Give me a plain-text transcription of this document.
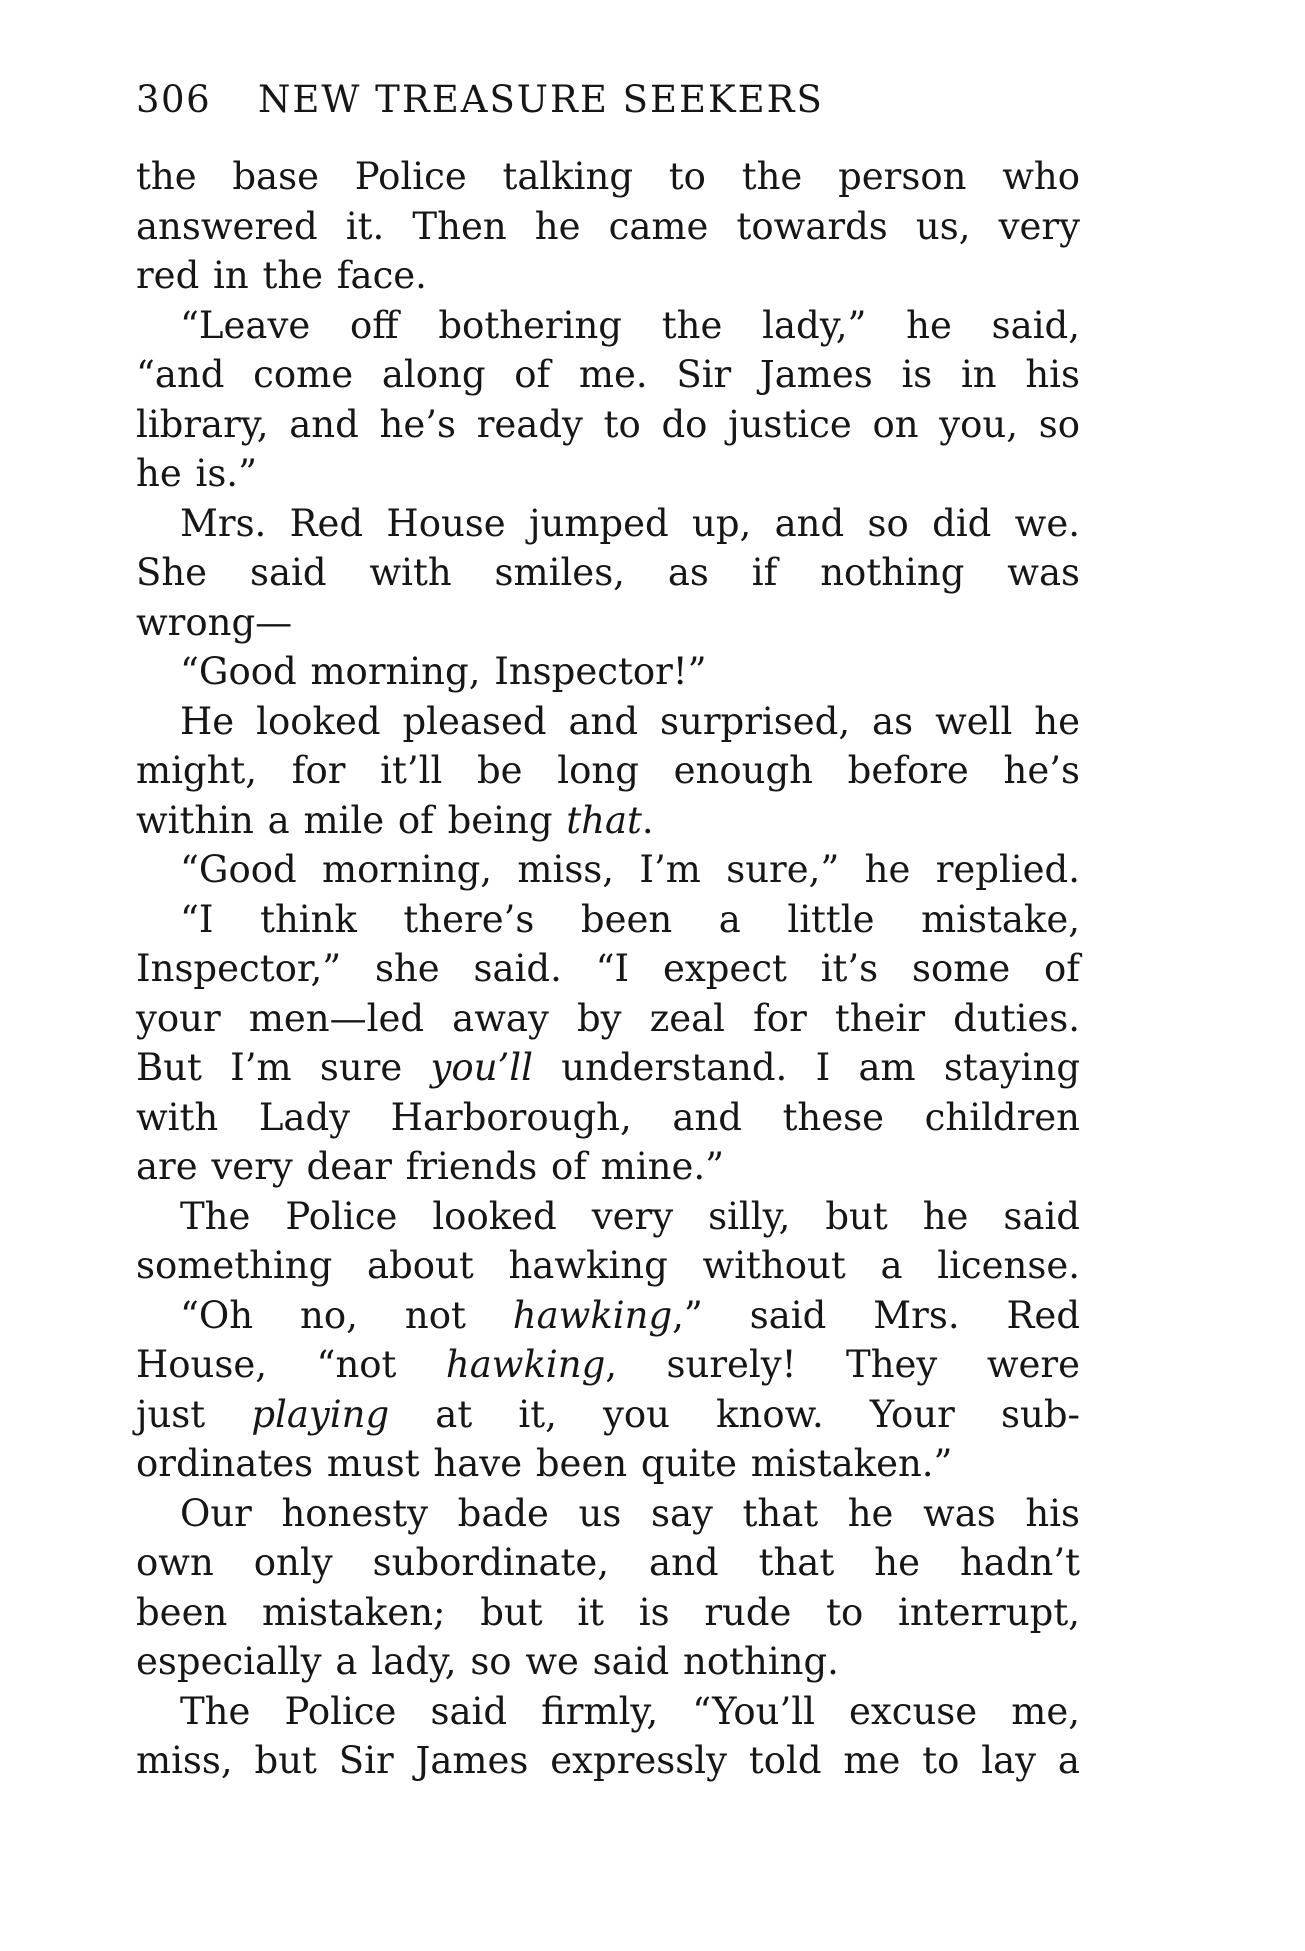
306	NEW TREASURE SEEKERS
the base Police talking to the person who
answered it. Then he came towards us, very
red in the face.
“Leave off bothering the lady,” he said,
“and come along of me. Sir James is in his
library, and he’s ready to do justice on you, so
he is.”
Mrs. Red House jumped up, and so did we.
She said with smiles, as if nothing was
wrong—
“Good morning, Inspector!”
He looked pleased and surprised, as well he
might, for it’ll be long enough before he’s
within a mile of being that.
“Good morning, miss, I’m sure,” he replied.
“I think there’s been a little mistake,
Inspector,” she said. “I expect it’s some of
your men—led away by zeal for their duties.
But I’m sure you’ll understand. I am staying
with Lady Harborough, and these children
are very dear friends of mine.”
The Police looked very silly, but he said
something about hawking without a license.
“Oh no, not hawking,” said Mrs. Red
House, “not hawking, surely! They were
just playing at it, you know. Your sub-
ordinates must have been quite mistaken.”
Our honesty bade us say that he was his
own only subordinate, and that he hadn’t
been mistaken; but it is rude to interrupt,
especially a lady, so we said nothing.
The Police said firmly, “You’ll excuse me,
miss, but Sir James expressly told me to lay a
